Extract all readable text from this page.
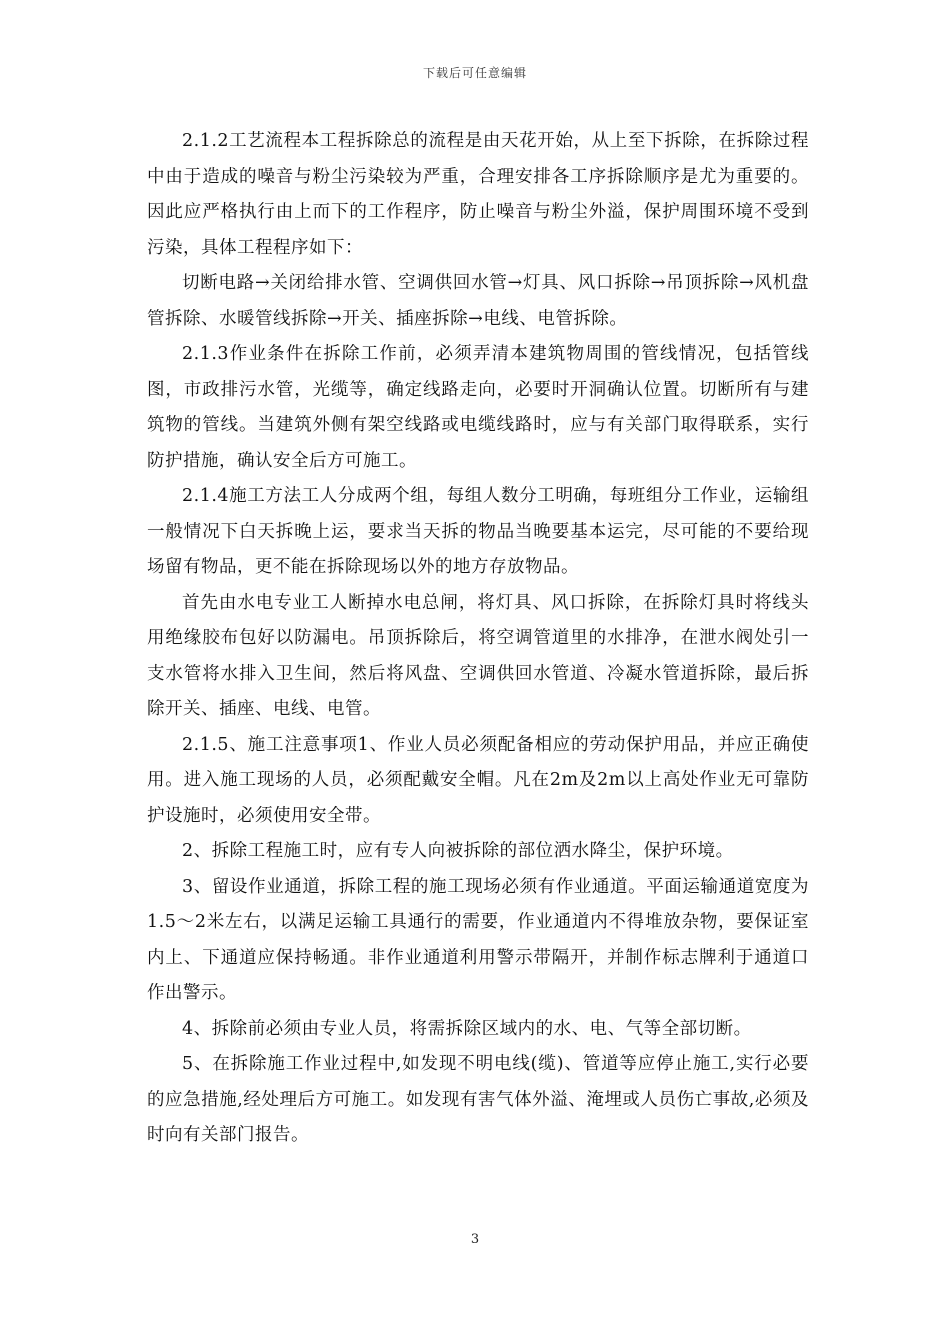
下载后可任意编辑

2.1.2工艺流程本工程拆除总的流程是由天花开始，从上至下拆除，在拆除过程中由于造成的噪音与粉尘污染较为严重，合理安排各工序拆除顺序是尤为重要的。因此应严格执行由上而下的工作程序，防止噪音与粉尘外溢，保护周围环境不受到污染，具体工程程序如下：

切断电路→关闭给排水管、空调供回水管→灯具、风口拆除→吊顶拆除→风机盘管拆除、水暖管线拆除→开关、插座拆除→电线、电管拆除。

2.1.3作业条件在拆除工作前，必须弄清本建筑物周围的管线情况，包括管线图，市政排污水管，光缆等，确定线路走向，必要时开洞确认位置。切断所有与建筑物的管线。当建筑外侧有架空线路或电缆线路时，应与有关部门取得联系，实行防护措施，确认安全后方可施工。

2.1.4施工方法工人分成两个组，每组人数分工明确，每班组分工作业，运输组一般情况下白天拆晚上运，要求当天拆的物品当晚要基本运完，尽可能的不要给现场留有物品，更不能在拆除现场以外的地方存放物品。

首先由水电专业工人断掉水电总闸，将灯具、风口拆除，在拆除灯具时将线头用绝缘胶布包好以防漏电。吊顶拆除后，将空调管道里的水排净，在泄水阀处引一支水管将水排入卫生间，然后将风盘、空调供回水管道、冷凝水管道拆除，最后拆除开关、插座、电线、电管。

2.1.5、施工注意事项1、作业人员必须配备相应的劳动保护用品，并应正确使用。进入施工现场的人员，必须配戴安全帽。凡在2m及2m以上高处作业无可靠防护设施时，必须使用安全带。

2、拆除工程施工时，应有专人向被拆除的部位洒水降尘，保护环境。

3、留设作业通道，拆除工程的施工现场必须有作业通道。平面运输通道宽度为1.5～2米左右，以满足运输工具通行的需要，作业通道内不得堆放杂物，要保证室内上、下通道应保持畅通。非作业通道利用警示带隔开，并制作标志牌利于通道口作出警示。

4、拆除前必须由专业人员，将需拆除区域内的水、电、气等全部切断。

5、在拆除施工作业过程中,如发现不明电线(缆)、管道等应停止施工,实行必要的应急措施,经处理后方可施工。如发现有害气体外溢、淹埋或人员伤亡事故,必须及时向有关部门报告。

3
